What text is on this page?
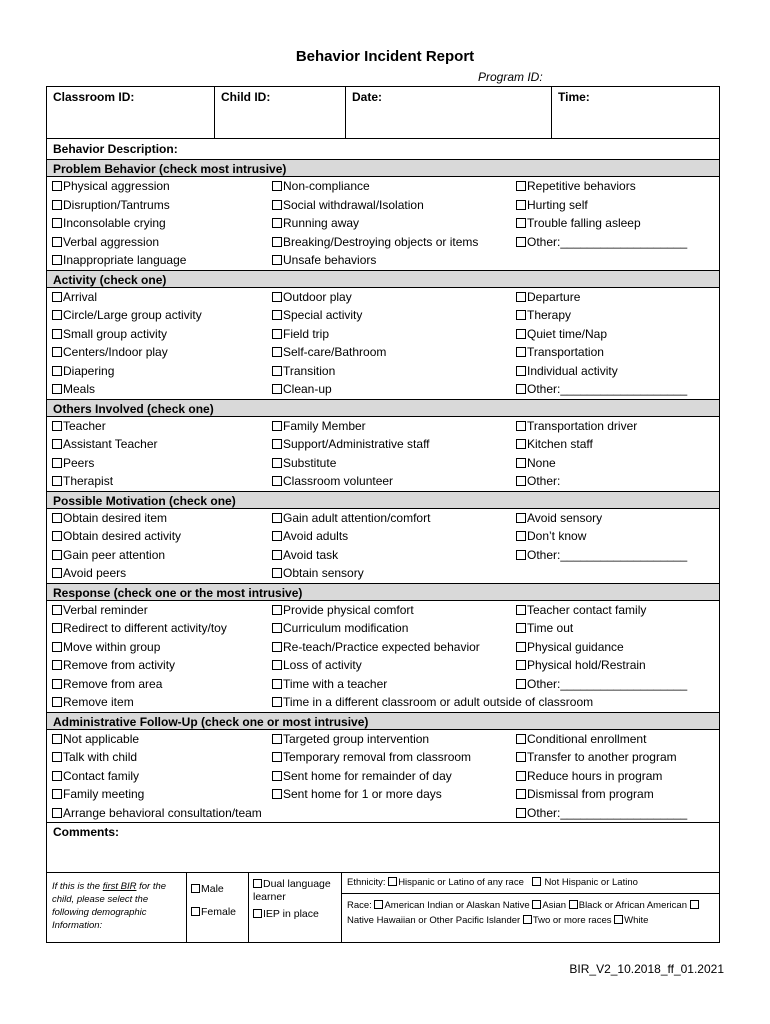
Behavior Incident Report
Program ID:
Classroom ID:	Child ID:	Date:	Time:
Behavior Description:
Problem Behavior (check most intrusive)
Physical aggression	Non-compliance	Repetitive behaviors
Disruption/Tantrums	Social withdrawal/Isolation	Hurting self
Inconsolable crying	Running away	Trouble falling asleep
Verbal aggression	Breaking/Destroying objects or items	Other:___________________
Inappropriate language	Unsafe behaviors
Activity (check one)
Arrival	Outdoor play	Departure
Circle/Large group activity	Special activity	Therapy
Small group activity	Field trip	Quiet time/Nap
Centers/Indoor play	Self-care/Bathroom	Transportation
Diapering	Transition	Individual activity
Meals	Clean-up	Other:___________________
Others Involved (check one)
Teacher	Family Member	Transportation driver
Assistant Teacher	Support/Administrative staff	Kitchen staff
Peers	Substitute	None
Therapist	Classroom volunteer	Other:
Possible Motivation (check one)
Obtain desired item	Gain adult attention/comfort	Avoid sensory
Obtain desired activity	Avoid adults	Don’t know
Gain peer attention	Avoid task	Other:___________________
Avoid peers	Obtain sensory
Response (check one or the most intrusive)
Verbal reminder	Provide physical comfort	Teacher contact family
Redirect to different activity/toy	Curriculum modification	Time out
Move within group	Re-teach/Practice expected behavior	Physical guidance
Remove from activity	Loss of activity	Physical hold/Restrain
Remove from area	Time with a teacher	Other:___________________
Remove item	Time in a different classroom or adult outside of classroom
Administrative Follow-Up (check one or most intrusive)
Not applicable	Targeted group intervention	Conditional enrollment
Talk with child	Temporary removal from classroom	Transfer to another program
Contact family	Sent home for remainder of day	Reduce hours in program
Family meeting	Sent home for 1 or more days	Dismissal from program
Arrange behavioral consultation/team	Other:___________________
Comments:
If this is the first BIR for the child, please select the following demographic Information:
Male
Female
Dual language learner
IEP in place
Ethnicity: Hispanic or Latino of any race Not Hispanic or Latino
Race: American Indian or Alaskan Native Asian Black or African American Native Hawaiian or Other Pacific Islander Two or more races White
BIR_V2_10.2018_ff_01.2021
